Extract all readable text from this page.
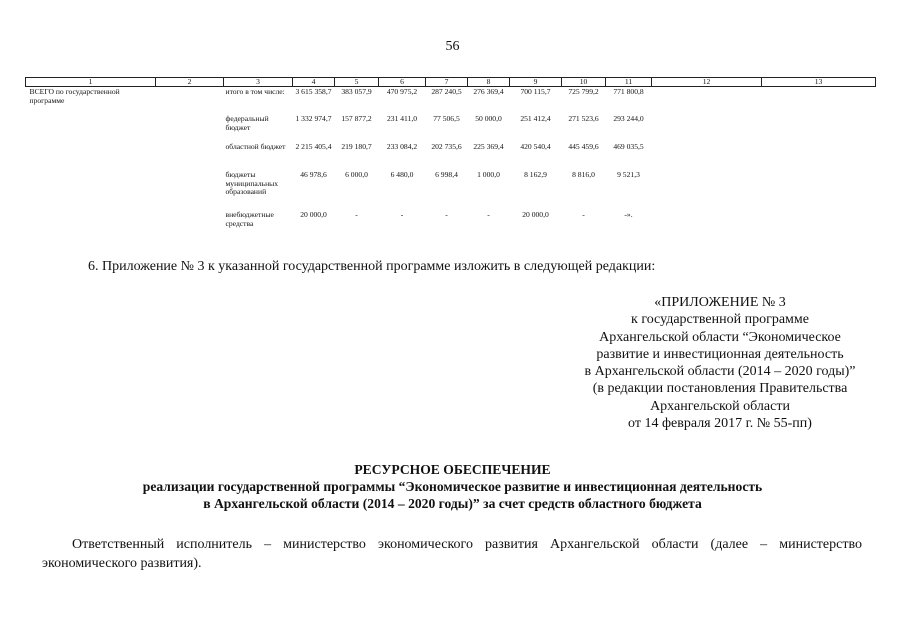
56
1	2	3	4	5	6	7	8	9	10	11	12	13
ВСЕГО по государственной программе		итого в том числе:	3 615 358,7	383 057,9	470 975,2	287 240,5	276 369,4	700 115,7	725 799,2	771 800,8		
		федеральный бюджет	1 332 974,7	157 877,2	231 411,0	77 506,5	50 000,0	251 412,4	271 523,6	293 244,0		
		областной бюджет	2 215 405,4	219 180,7	233 084,2	202 735,6	225 369,4	420 540,4	445 459,6	469 035,5		
		бюджеты муниципальных образований	46 978,6	6 000,0	6 480,0	6 998,4	1 000,0	8 162,9	8 816,0	9 521,3		
		внебюджетные средства	20 000,0	-	-	-	-	20 000,0	-	-».		
6. Приложение № 3 к указанной государственной программе изложить в следующей редакции:
«ПРИЛОЖЕНИЕ № 3
к государственной программе
Архангельской области “Экономическое
развитие и инвестиционная деятельность
в Архангельской области (2014 – 2020 годы)”
(в редакции постановления Правительства
Архангельской области
от 14 февраля 2017 г. № 55-пп)
РЕСУРСНОЕ ОБЕСПЕЧЕНИЕ
реализации государственной программы “Экономическое развитие и инвестиционная деятельность
в Архангельской области (2014 – 2020 годы)” за счет средств областного бюджета
Ответственный исполнитель – министерство экономического развития Архангельской области (далее – министерство
экономического развития).
